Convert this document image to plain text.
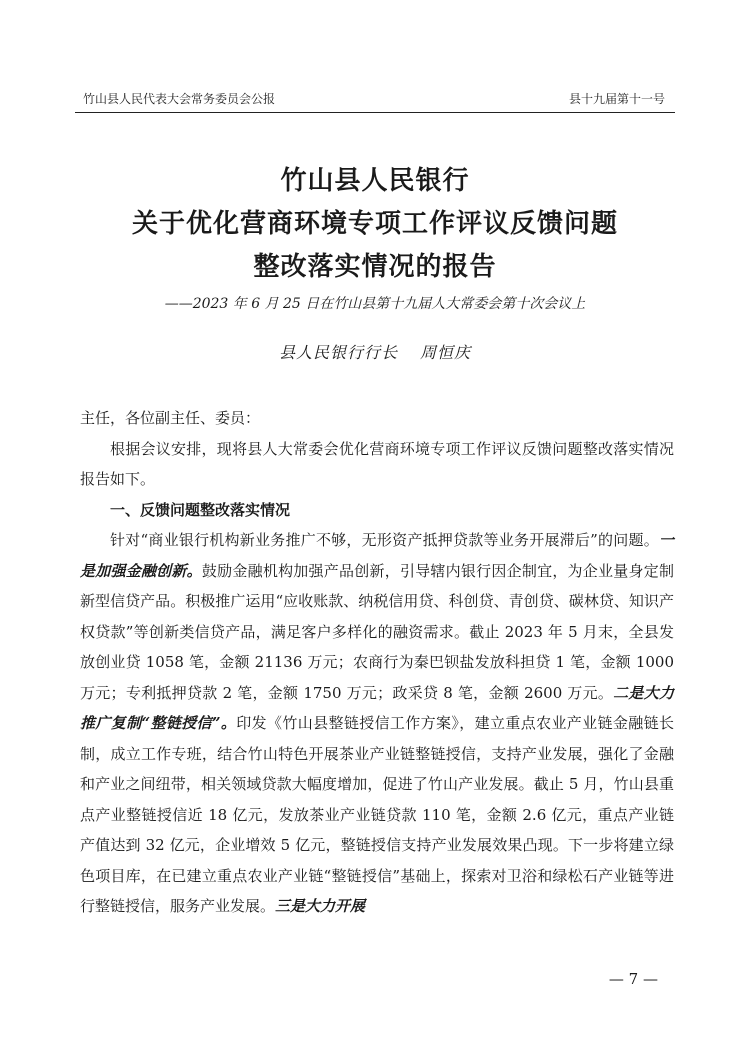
竹山县人民代表大会常务委员会公报	县十九届第十一号
竹山县人民银行
关于优化营商环境专项工作评议反馈问题
整改落实情况的报告
——2023 年 6 月 25 日在竹山县第十九届人大常委会第十次会议上
县人民银行行长 周恒庆

主任，各位副主任、委员：

根据会议安排，现将县人大常委会优化营商环境专项工作评议反馈问题整改落实情况报告如下。

一、反馈问题整改落实情况

针对“商业银行机构新业务推广不够，无形资产抵押贷款等业务开展滞后”的问题。一是加强金融创新。鼓励金融机构加强产品创新，引导辖内银行因企制宜，为企业量身定制新型信贷产品。积极推广运用“应收账款、纳税信用贷、科创贷、青创贷、碳林贷、知识产权贷款”等创新类信贷产品，满足客户多样化的融资需求。截止 2023 年 5 月末，全县发放创业贷 1058 笔，金额 21136 万元；农商行为秦巴钡盐发放科担贷 1 笔，金额 1000 万元；专利抵押贷款 2 笔，金额 1750 万元；政采贷 8 笔，金额 2600 万元。二是大力推广复制“整链授信”。印发《竹山县整链授信工作方案》，建立重点农业产业链金融链长制，成立工作专班，结合竹山特色开展茶业产业链整链授信，支持产业发展，强化了金融和产业之间纽带，相关领域贷款大幅度增加，促进了竹山产业发展。截止 5 月，竹山县重点产业整链授信近 18 亿元，发放茶业产业链贷款 110 笔，金额 2.6 亿元，重点产业链产值达到 32 亿元，企业增效 5 亿元，整链授信支持产业发展效果凸现。下一步将建立绿色项目库，在已建立重点农业产业链“整链授信”基础上，探索对卫浴和绿松石产业链等进行整链授信，服务产业发展。三是大力开展

— 7 —
